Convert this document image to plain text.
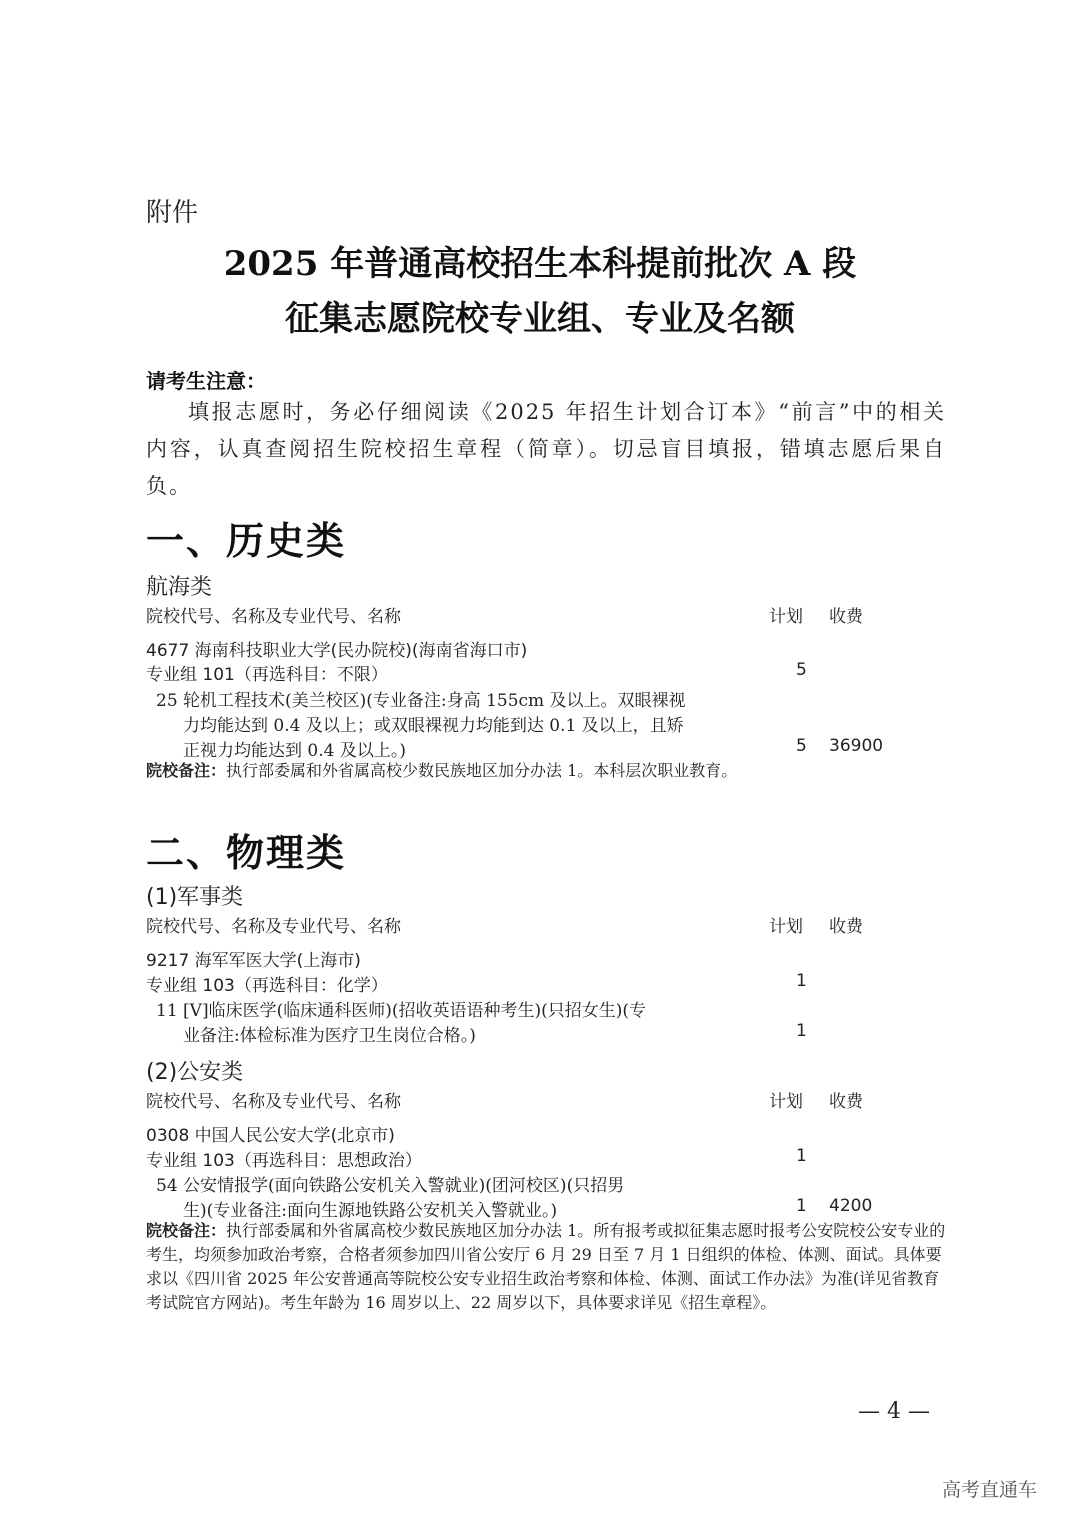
附件
2025 年普通高校招生本科提前批次 A 段
征集志愿院校专业组、专业及名额
请考生注意：
填报志愿时，务必仔细阅读《2025 年招生计划合订本》“前言”中的相关内容，认真查阅招生院校招生章程（简章）。切忌盲目填报，错填志愿后果自负。
一、历史类
航海类
院校代号、名称及专业代号、名称	计划 收费
4677 海南科技职业大学(民办院校)(海南省海口市)
专业组 101（再选科目：不限）	5
25 轮机工程技术(美兰校区)(专业备注:身高 155cm 及以上。双眼裸视
力均能达到 0.4 及以上；或双眼裸视力均能到达 0.1 及以上，且矫
正视力均能达到 0.4 及以上。)	5 36900
院校备注：执行部委属和外省属高校少数民族地区加分办法 1。本科层次职业教育。
二、物理类
(1)军事类
院校代号、名称及专业代号、名称	计划 收费
9217 海军军医大学(上海市)
专业组 103（再选科目：化学）	1
11 [V]临床医学(临床通科医师)(招收英语语种考生)(只招女生)(专
业备注:体检标准为医疗卫生岗位合格。)	1
(2)公安类
院校代号、名称及专业代号、名称	计划 收费
0308 中国人民公安大学(北京市)
专业组 103（再选科目：思想政治）	1
54 公安情报学(面向铁路公安机关入警就业)(团河校区)(只招男
生)(专业备注:面向生源地铁路公安机关入警就业。)	1 4200
院校备注：执行部委属和外省属高校少数民族地区加分办法 1。所有报考或拟征集志愿时报考公安院校公安专业的考生，均须参加政治考察，合格者须参加四川省公安厅 6 月 29 日至 7 月 1 日组织的体检、体测、面试。具体要求以《四川省 2025 年公安普通高等院校公安专业招生政治考察和体检、体测、面试工作办法》为准(详见省教育考试院官方网站)。考生年龄为 16 周岁以上、22 周岁以下，具体要求详见《招生章程》。
— 4 —
高考直通车
